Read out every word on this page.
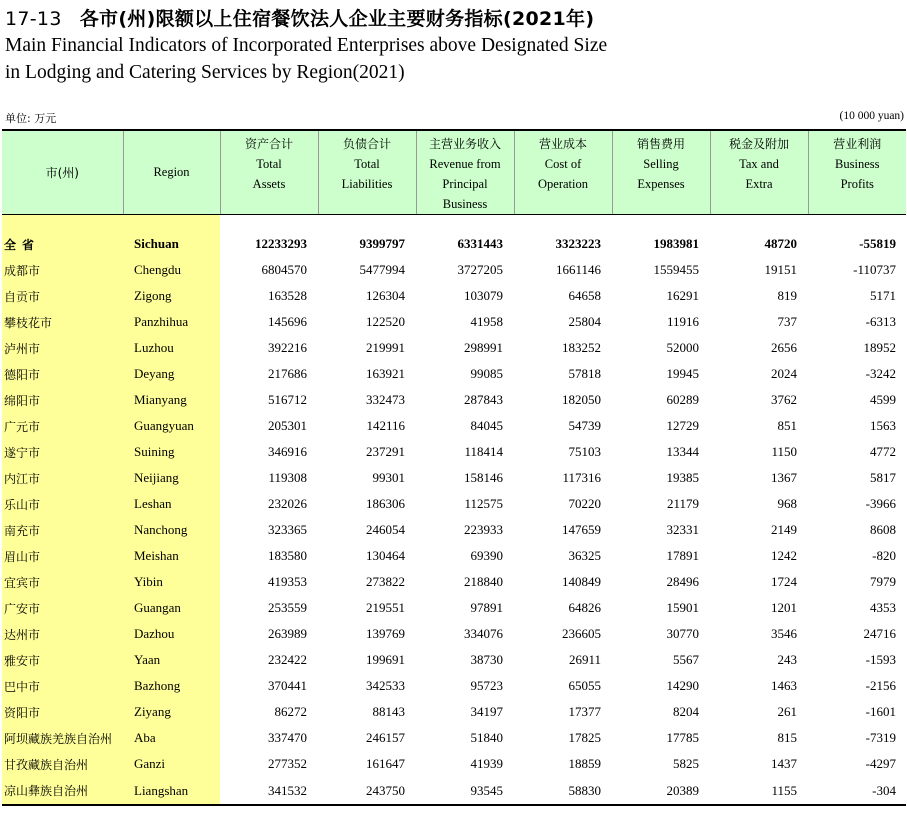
17-13 各市(州)限额以上住宿餐饮法人企业主要财务指标(2021年)
Main Financial Indicators of Incorporated Enterprises above Designated Size
in Lodging and Catering Services by Region(2021)
单位: 万元	(10 000 yuan)
市(州)	Region	资产合计
Total
Assets	负债合计
Total
Liabilities	主营业务收入
Revenue from
Principal
Business	营业成本
Cost of
Operation	销售费用
Selling
Expenses	税金及附加
Tax and
Extra	营业利润
Business
Profits

全省	Sichuan	12233293	9399797	6331443	3323223	1983981	48720	-55819
成都市	Chengdu	6804570	5477994	3727205	1661146	1559455	19151	-110737
自贡市	Zigong	163528	126304	103079	64658	16291	819	5171
攀枝花市	Panzhihua	145696	122520	41958	25804	11916	737	-6313
泸州市	Luzhou	392216	219991	298991	183252	52000	2656	18952
德阳市	Deyang	217686	163921	99085	57818	19945	2024	-3242
绵阳市	Mianyang	516712	332473	287843	182050	60289	3762	4599
广元市	Guangyuan	205301	142116	84045	54739	12729	851	1563
遂宁市	Suining	346916	237291	118414	75103	13344	1150	4772
内江市	Neijiang	119308	99301	158146	117316	19385	1367	5817
乐山市	Leshan	232026	186306	112575	70220	21179	968	-3966
南充市	Nanchong	323365	246054	223933	147659	32331	2149	8608
眉山市	Meishan	183580	130464	69390	36325	17891	1242	-820
宜宾市	Yibin	419353	273822	218840	140849	28496	1724	7979
广安市	Guangan	253559	219551	97891	64826	15901	1201	4353
达州市	Dazhou	263989	139769	334076	236605	30770	3546	24716
雅安市	Yaan	232422	199691	38730	26911	5567	243	-1593
巴中市	Bazhong	370441	342533	95723	65055	14290	1463	-2156
资阳市	Ziyang	86272	88143	34197	17377	8204	261	-1601
阿坝藏族羌族自治州	Aba	337470	246157	51840	17825	17785	815	-7319
甘孜藏族自治州	Ganzi	277352	161647	41939	18859	5825	1437	-4297
凉山彝族自治州	Liangshan	341532	243750	93545	58830	20389	1155	-304
